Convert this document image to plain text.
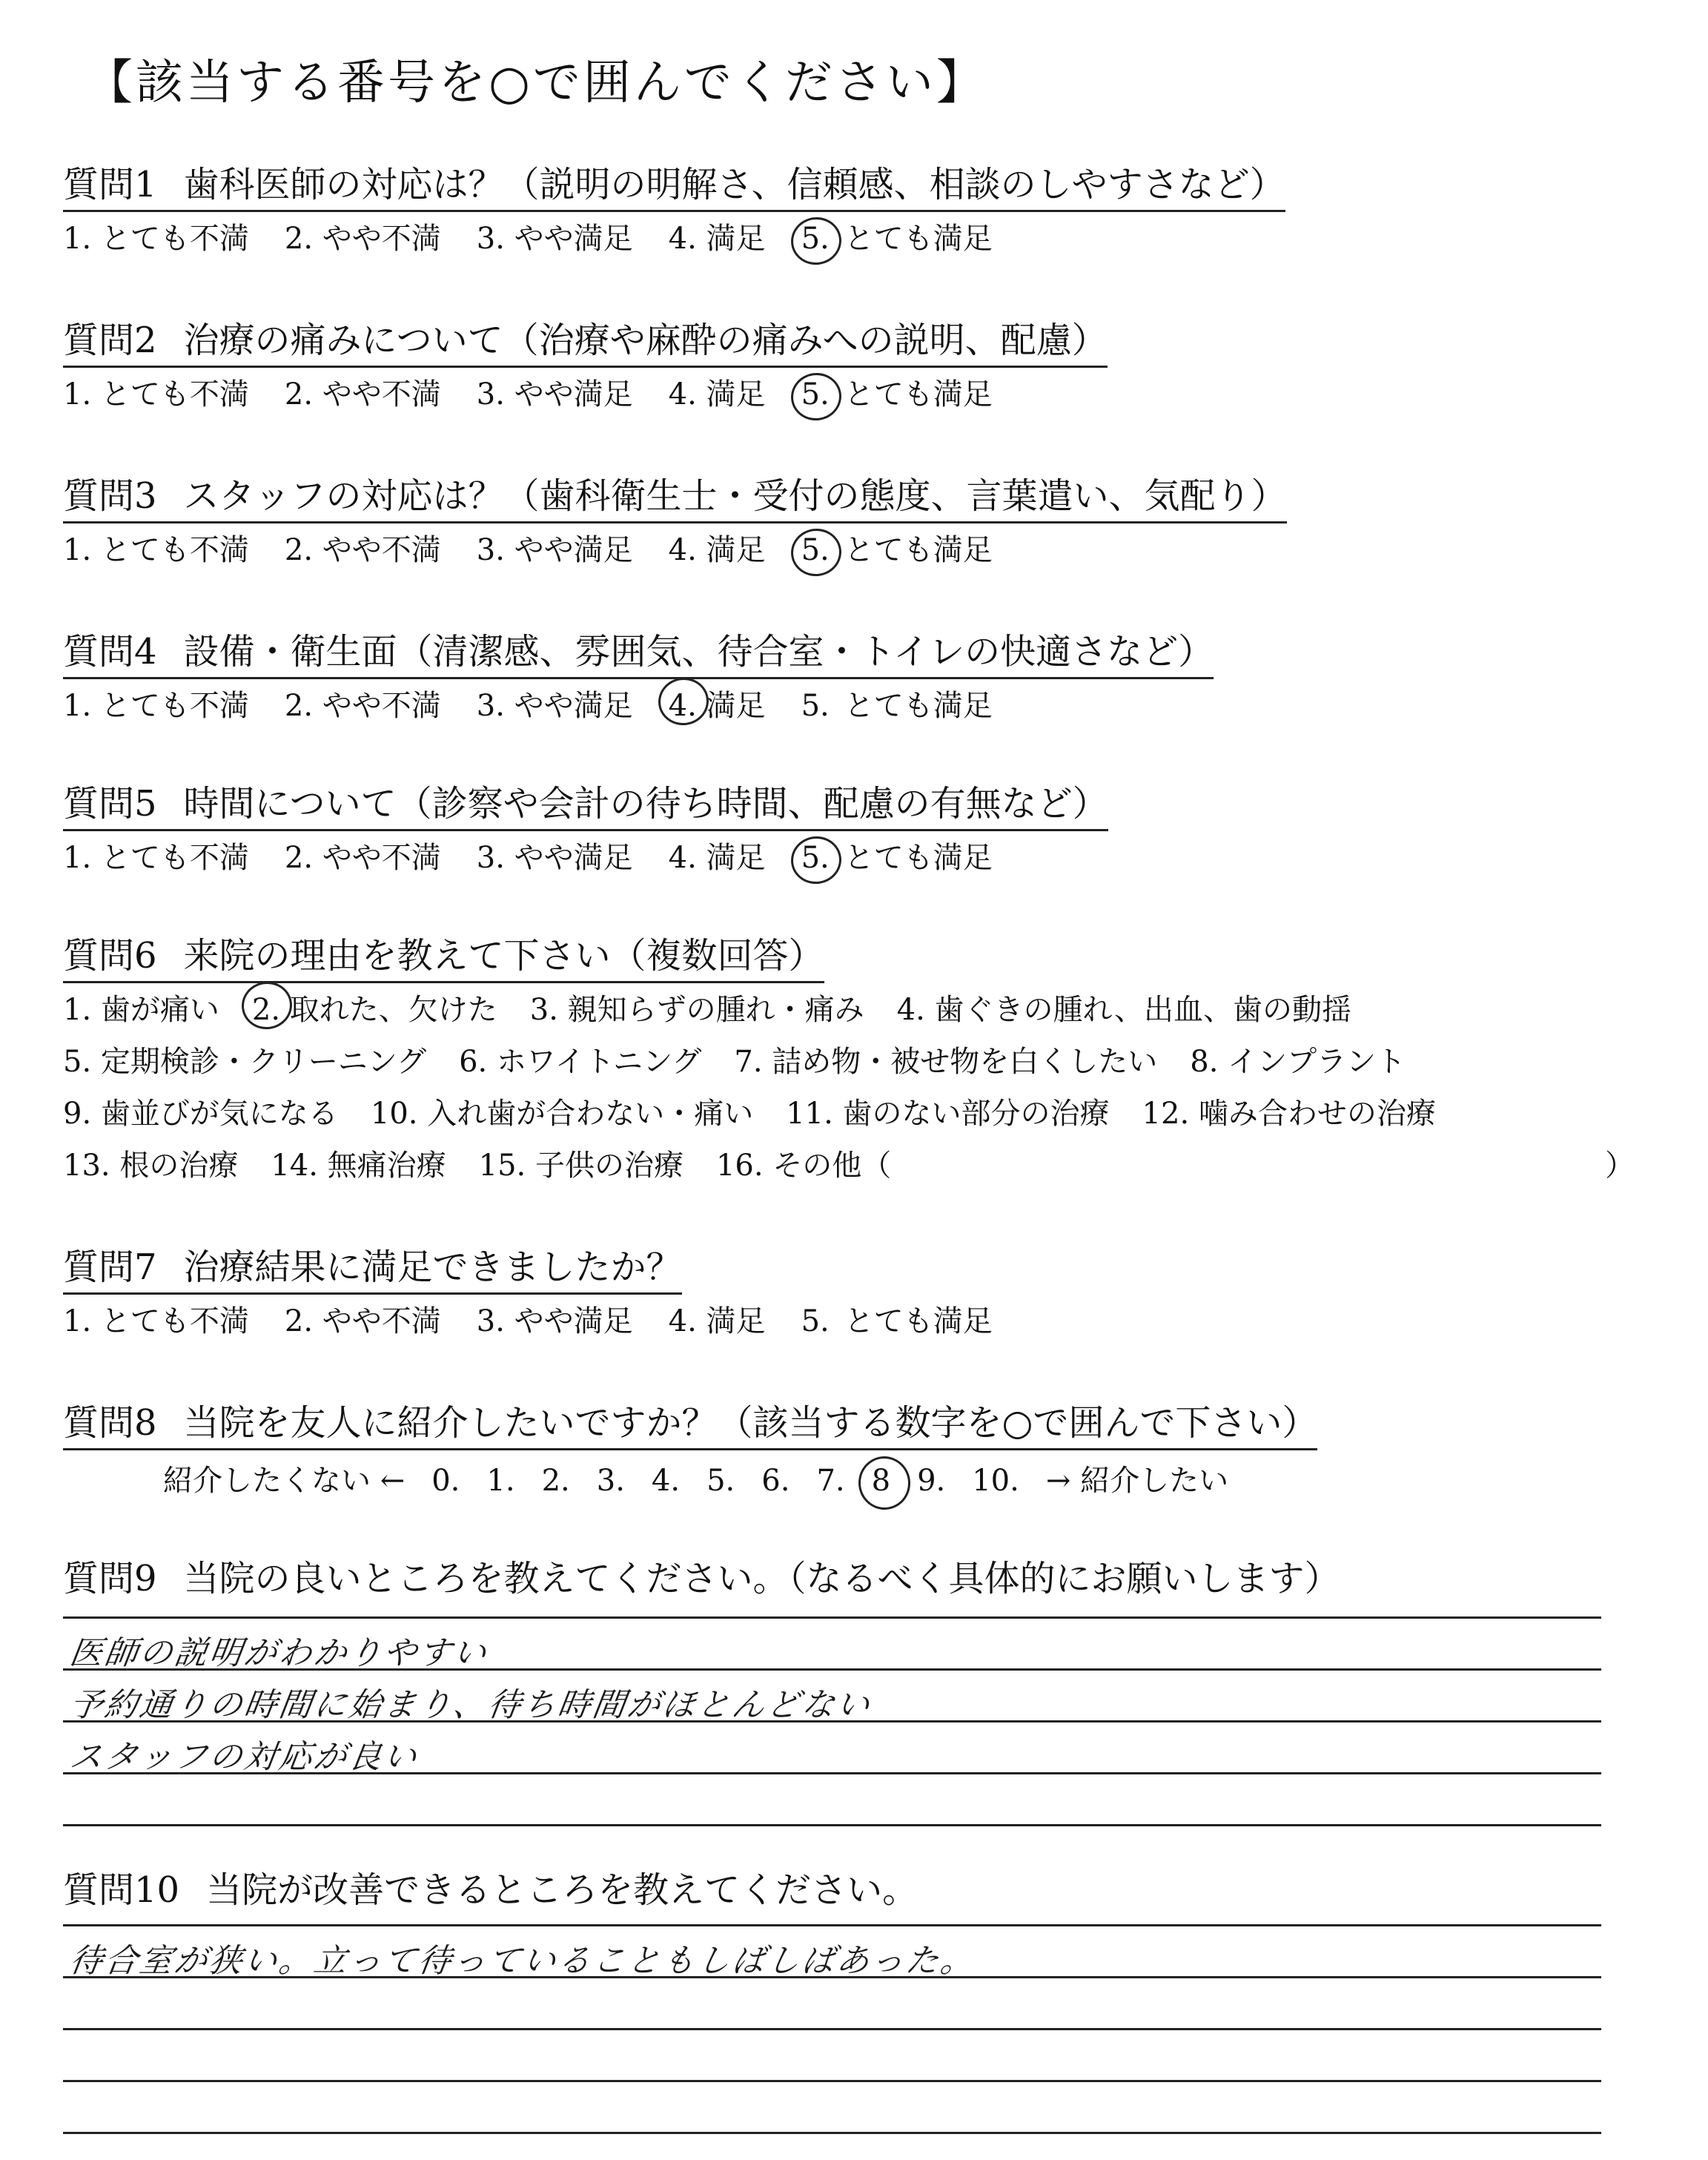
【該当する番号を○で囲んでください】
質問1 歯科医師の対応は？（説明の明解さ、信頼感、相談のしやすさなど）
1. とても不満 2. やや不満 3. やや満足 4. 満足 5. とても満足
質問2 治療の痛みについて（治療や麻酔の痛みへの説明、配慮）
1. とても不満 2. やや不満 3. やや満足 4. 満足 5. とても満足
質問3 スタッフの対応は？（歯科衛生士・受付の態度、言葉遣い、気配り）
1. とても不満 2. やや不満 3. やや満足 4. 満足 5. とても満足
質問4 設備・衛生面（清潔感、雰囲気、待合室・トイレの快適さなど）
1. とても不満 2. やや不満 3. やや満足 4. 満足 5. とても満足
質問5 時間について（診察や会計の待ち時間、配慮の有無など）
1. とても不満 2. やや不満 3. やや満足 4. 満足 5. とても満足
質問6 来院の理由を教えて下さい（複数回答）
1. 歯が痛い 2. 取れた、欠けた 3. 親知らずの腫れ・痛み 4. 歯ぐきの腫れ、出血、歯の動揺
5. 定期検診・クリーニング 6. ホワイトニング 7. 詰め物・被せ物を白くしたい 8. インプラント
9. 歯並びが気になる 10. 入れ歯が合わない・痛い 11. 歯のない部分の治療 12. 噛み合わせの治療
13. 根の治療 14. 無痛治療 15. 子供の治療 16. その他（	）
質問7 治療結果に満足できましたか？
1. とても不満 2. やや不満 3. やや満足 4. 満足 5. とても満足
質問8 当院を友人に紹介したいですか？（該当する数字を○で囲んで下さい）
紹介したくない ← 0. 1. 2. 3. 4. 5. 6. 7. 8 9. 10. → 紹介したい
質問9 当院の良いところを教えてください。（なるべく具体的にお願いします）
医師の説明がわかりやすい
予約通りの時間に始まり、待ち時間がほとんどない
スタッフの対応が良い
質問10 当院が改善できるところを教えてください。
待合室が狭い。立って待っていることもしばしばあった。
